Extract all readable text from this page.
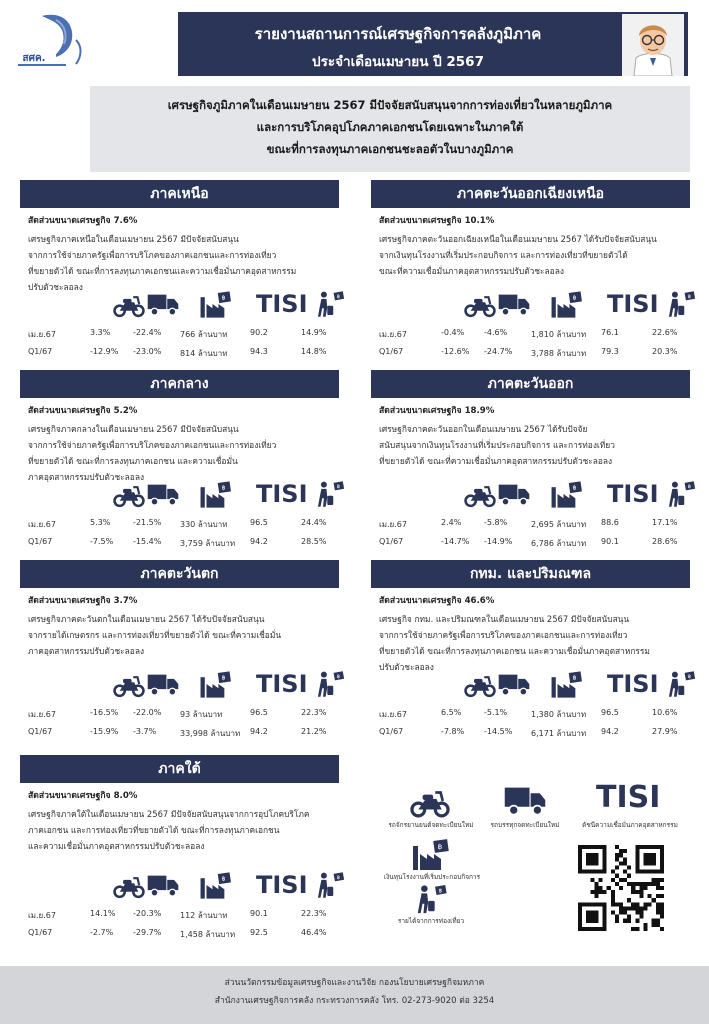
สศค.
รายงานสถานการณ์เศรษฐกิจการคลังภูมิภาค
ประจำเดือนเมษายน ปี 2567
เศรษฐกิจภูมิภาคในเดือนเมษายน 2567 มีปัจจัยสนับสนุนจากการท่องเที่ยวในหลายภูมิภาค
และการบริโภคอุปโภคภาคเอกชนโดยเฉพาะในภาคใต้
ขณะที่การลงทุนภาคเอกชนชะลอตัวในบางภูมิภาค
ภาคเหนือ
สัดส่วนขนาดเศรษฐกิจ 7.6%
เศรษฐกิจภาคเหนือในเดือนเมษายน 2567 มีปัจจัยสนับสนุน
จากการใช้จ่ายภาครัฐเพื่อการบริโภคของภาคเอกชนและการท่องเที่ยว
ที่ขยายตัวได้ ขณะที่การลงทุนภาคเอกชนและความเชื่อมั่นภาคอุตสาหกรรม
ปรับตัวชะลอลง
฿ TISI	฿
เม.ย.67	3.3%	-22.4% 766 ล้านบาท	90.2	14.9%
Q1/67	-12.9% -23.0% 814 ล้านบาท	94.3	14.8%
ภาคตะวันออกเฉียงเหนือ
สัดส่วนขนาดเศรษฐกิจ 10.1%
เศรษฐกิจภาคตะวันออกเฉียงเหนือในเดือนเมษายน 2567 ได้รับปัจจัยสนับสนุน
จากเงินทุนโรงงานที่เริ่มประกอบกิจการ และการท่องเที่ยวที่ขยายตัวได้
ขณะที่ความเชื่อมั่นภาคอุตสาหกรรมปรับตัวชะลอลง
฿ TISI	฿
เม.ย.67	-0.4% -4.6%	1,810 ล้านบาท 76.1	22.6%
Q1/67	-12.6% -24.7% 3,788 ล้านบาท 79.3	20.3%
ภาคกลาง
สัดส่วนขนาดเศรษฐกิจ 5.2%
เศรษฐกิจภาคกลางในเดือนเมษายน 2567 มีปัจจัยสนับสนุน
จากการใช้จ่ายภาครัฐเพื่อการบริโภคของภาคเอกชนและการท่องเที่ยว
ที่ขยายตัวได้ ขณะที่การลงทุนภาคเอกชน และความเชื่อมั่น
ภาคอุตสาหกรรมปรับตัวชะลอลง
฿ TISI	฿
เม.ย.67	5.3%	-21.5% 330 ล้านบาท	96.5	24.4%
Q1/67	-7.5% -15.4% 3,759 ล้านบาท 94.2	28.5%
ภาคตะวันออก
สัดส่วนขนาดเศรษฐกิจ 18.9%
เศรษฐกิจภาคตะวันออกในเดือนเมษายน 2567 ได้รับปัจจัย
สนับสนุนจากเงินทุนโรงงานที่เริ่มประกอบกิจการ และการท่องเที่ยว
ที่ขยายตัวได้ ขณะที่ความเชื่อมั่นภาคอุตสาหกรรมปรับตัวชะลอลง
฿ TISI	฿
เม.ย.67	2.4%	-5.8%	2,695 ล้านบาท 88.6	17.1%
Q1/67	-14.7% -14.9% 6,786 ล้านบาท 90.1	28.6%
ภาคตะวันตก
สัดส่วนขนาดเศรษฐกิจ 3.7%
เศรษฐกิจภาคตะวันตกในเดือนเมษายน 2567 ได้รับปัจจัยสนับสนุน
จากรายได้เกษตรกร และการท่องเที่ยวที่ขยายตัวได้ ขณะที่ความเชื่อมั่น
ภาคอุตสาหกรรมปรับตัวชะลอลง
฿ TISI	฿
เม.ย.67	-16.5% -22.0% 93 ล้านบาท	96.5	22.3%
Q1/67	-15.9% -3.7%	33,998 ล้านบาท 94.2	21.2%
กทม. และปริมณฑล
สัดส่วนขนาดเศรษฐกิจ 46.6%
เศรษฐกิจ กทม. และปริมณฑลในเดือนเมษายน 2567 มีปัจจัยสนับสนุน
จากการใช้จ่ายภาครัฐเพื่อการบริโภคของภาคเอกชนและการท่องเที่ยว
ที่ขยายตัวได้ ขณะที่การลงทุนภาคเอกชน และความเชื่อมั่นภาคอุตสาหกรรม
ปรับตัวชะลอลง
฿ TISI	฿
เม.ย.67	6.5%	-5.1%	1,380 ล้านบาท 96.5	10.6%
Q1/67	-7.8% -14.5% 6,171 ล้านบาท 94.2	27.9%
ภาคใต้
สัดส่วนขนาดเศรษฐกิจ 8.0%
เศรษฐกิจภาคใต้ในเดือนเมษายน 2567 มีปัจจัยสนับสนุนจากการอุปโภคบริโภค
ภาคเอกชน และการท่องเที่ยวที่ขยายตัวได้ ขณะที่การลงทุนภาคเอกชน
และความเชื่อมั่นภาคอุตสาหกรรมปรับตัวชะลอลง
฿ TISI	฿
เม.ย.67	14.1% -20.3% 112 ล้านบาท	90.1	22.3%
Q1/67	-2.7% -29.7% 1,458 ล้านบาท 92.5	46.4%
รถจักรยานยนต์จดทะเบียนใหม่	รถบรรทุกจดทะเบียนใหม่
TISI
ดัชนีความเชื่อมั่นภาคอุตสาหกรรม
฿
เงินทุนโรงงานที่เริ่มประกอบกิจการ
฿
รายได้จากการท่องเที่ยว
ส่วนนวัตกรรมข้อมูลเศรษฐกิจและงานวิจัย กองนโยบายเศรษฐกิจมหภาค
สำนักงานเศรษฐกิจการคลัง กระทรวงการคลัง โทร. 02-273-9020 ต่อ 3254
